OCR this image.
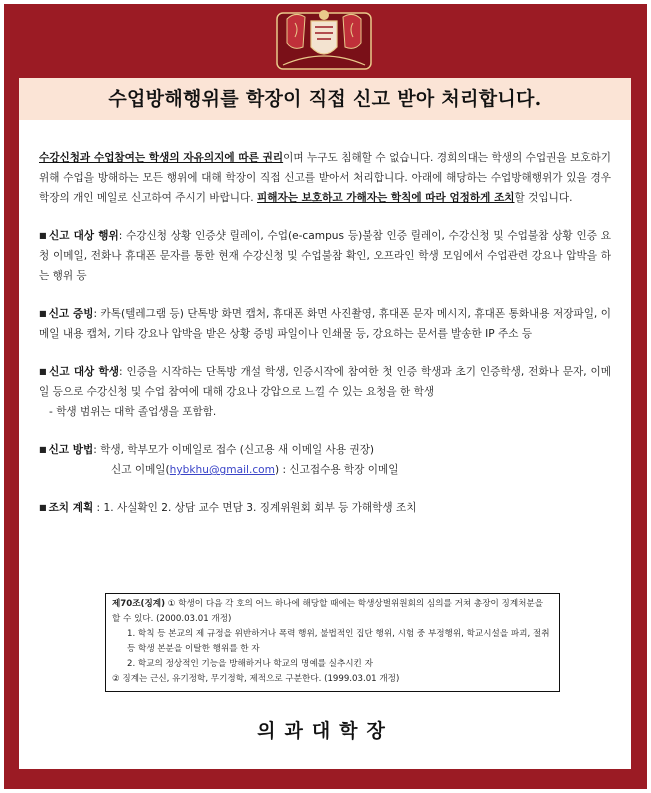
수업방해행위를 학장이 직접 신고 받아 처리합니다.

수강신청과 수업참여는 학생의 자유의지에 따른 권리이며 누구도 침해할 수 없습니다. 경희의대는 학생의 수업권을 보호하기 위해 수업을 방해하는 모든 행위에 대해 학장이 직접 신고를 받아서 처리합니다. 아래에 해당하는 수업방해행위가 있을 경우 학장의 개인 메일로 신고하여 주시기 바랍니다. 피해자는 보호하고 가해자는 학칙에 따라 엄정하게 조치할 것입니다.

■ 신고 대상 행위: 수강신청 상황 인증샷 릴레이, 수업(e-campus 등)불참 인증 릴레이, 수강신청 및 수업불참 상황 인증 요청 이메일, 전화나 휴대폰 문자를 통한 현재 수강신청 및 수업불참 확인, 오프라인 학생 모임에서 수업관련 강요나 압박을 하는 행위 등

■ 신고 증빙: 카톡(텔레그램 등) 단톡방 화면 캡처, 휴대폰 화면 사진촬영, 휴대폰 문자 메시지, 휴대폰 통화내용 저장파일, 이메일 내용 캡처, 기타 강요나 압박을 받은 상황 증빙 파일이나 인쇄물 등, 강요하는 문서를 발송한 IP 주소 등

■ 신고 대상 학생: 인증을 시작하는 단톡방 개설 학생, 인증시작에 참여한 첫 인증 학생과 초기 인증학생, 전화나 문자, 이메일 등으로 수강신청 및 수업 참여에 대해 강요나 강압으로 느낄 수 있는 요청을 한 학생

- 학생 범위는 대학 졸업생을 포함함.

■ 신고 방법: 학생, 학부모가 이메일로 접수 (신고용 새 이메일 사용 권장)

신고 이메일(hybkhu@gmail.com) : 신고접수용 학장 이메일

■ 조치 계획 : 1. 사실확인 2. 상담 교수 면담 3. 징계위원회 회부 등 가해학생 조치

제70조(징계) ① 학생이 다음 각 호의 어느 하나에 해당할 때에는 학생상벌위원회의 심의를 거쳐 총장이 징계처분을 할 수 있다. (2000.03.01 개정)

1. 학칙 등 본교의 제 규정을 위반하거나 폭력 행위, 불법적인 집단 행위, 시험 중 부정행위, 학교시설을 파괴, 절취 등 학생 본분을 이탈한 행위를 한 자

2. 학교의 정상적인 기능을 방해하거나 학교의 명예를 실추시킨 자

② 징계는 근신, 유기정학, 무기정학, 제적으로 구분한다. (1999.03.01 개정)

의과대학장
